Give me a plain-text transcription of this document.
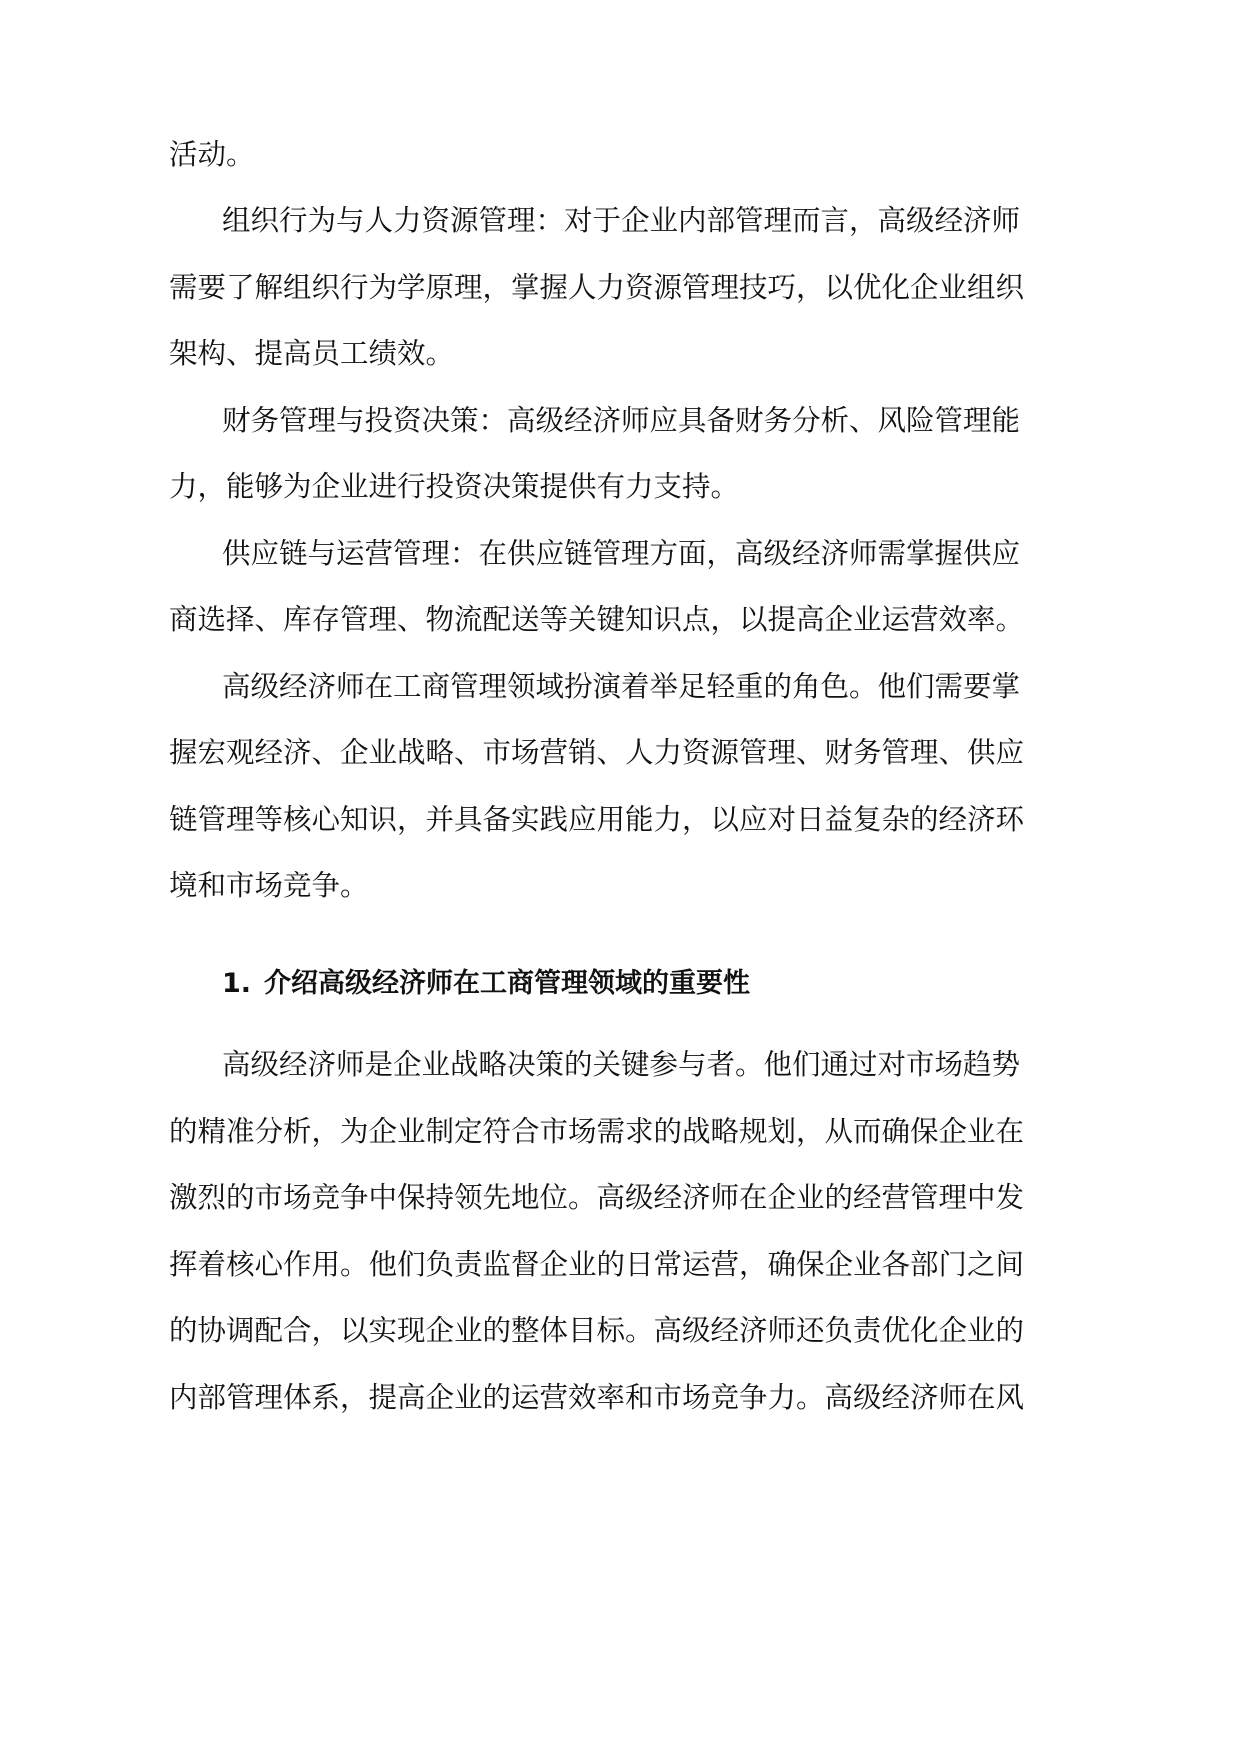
活动。
组织行为与人力资源管理：对于企业内部管理而言，高级经济师
需要了解组织行为学原理，掌握人力资源管理技巧，以优化企业组织
架构、提高员工绩效。
财务管理与投资决策：高级经济师应具备财务分析、风险管理能
力，能够为企业进行投资决策提供有力支持。
供应链与运营管理：在供应链管理方面，高级经济师需掌握供应
商选择、库存管理、物流配送等关键知识点，以提高企业运营效率。
高级经济师在工商管理领域扮演着举足轻重的角色。他们需要掌
握宏观经济、企业战略、市场营销、人力资源管理、财务管理、供应
链管理等核心知识，并具备实践应用能力，以应对日益复杂的经济环
境和市场竞争。
1. 介绍高级经济师在工商管理领域的重要性
高级经济师是企业战略决策的关键参与者。他们通过对市场趋势
的精准分析，为企业制定符合市场需求的战略规划，从而确保企业在
激烈的市场竞争中保持领先地位。高级经济师在企业的经营管理中发
挥着核心作用。他们负责监督企业的日常运营，确保企业各部门之间
的协调配合，以实现企业的整体目标。高级经济师还负责优化企业的
内部管理体系，提高企业的运营效率和市场竞争力。高级经济师在风
